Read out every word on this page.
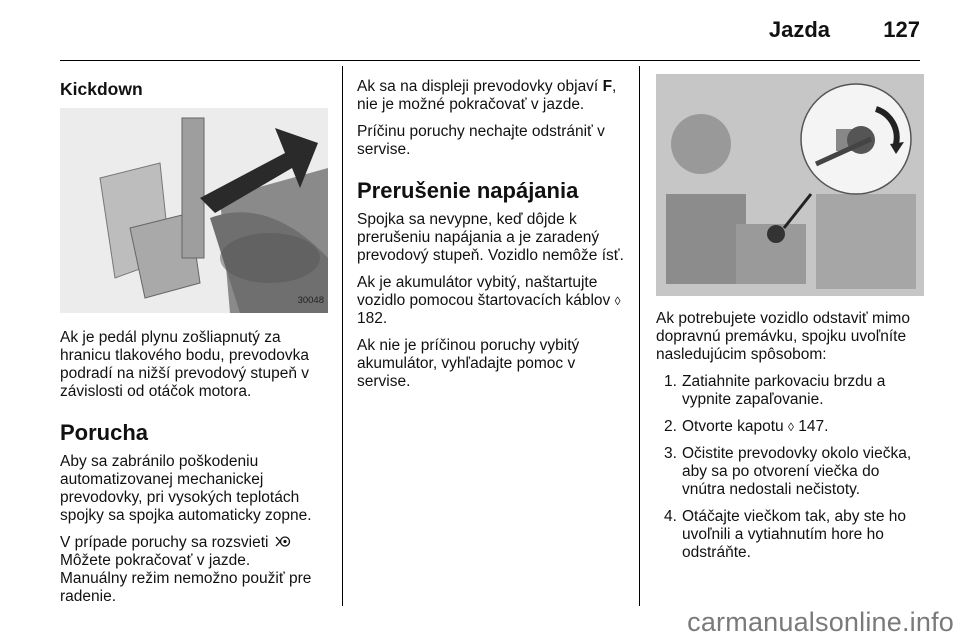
Jazda 127
Kickdown
30048

Ak je pedál plynu zošliapnutý za hranicu tlakového bodu, prevodovka podradí na nižší prevodový stupeň v závislosti od otáčok motora.

Porucha

Aby sa zabránilo poškodeniu automatizovanej mechanickej prevodovky, pri vysokých teplotách spojky sa spojka automaticky zopne.

V prípade poruchy sa rozsvieti
Môžete pokračovať v jazde.
Manuálny režim nemožno použiť pre radenie.

Ak sa na displeji prevodovky objaví F, nie je možné pokračovať v jazde.

Príčinu poruchy nechajte odstrániť v servise.

Prerušenie napájania

Spojka sa nevypne, keď dôjde k prerušeniu napájania a je zaradený prevodový stupeň. Vozidlo nemôže ísť.

Ak je akumulátor vybitý, naštartujte vozidlo pomocou štartovacích káblov ◊ 182.

Ak nie je príčinou poruchy vybitý akumulátor, vyhľadajte pomoc v servise.

Ak potrebujete vozidlo odstaviť mimo dopravnú premávku, spojku uvoľníte nasledujúcim spôsobom:

1. Zatiahnite parkovaciu brzdu a vypnite zapaľovanie.
2. Otvorte kapotu ◊ 147.
3. Očistite prevodovky okolo viečka, aby sa po otvorení viečka do vnútra nedostali nečistoty.
4. Otáčajte viečkom tak, aby ste ho uvoľnili a vytiahnutím hore ho odstráňte.
carmanualsonline.info
